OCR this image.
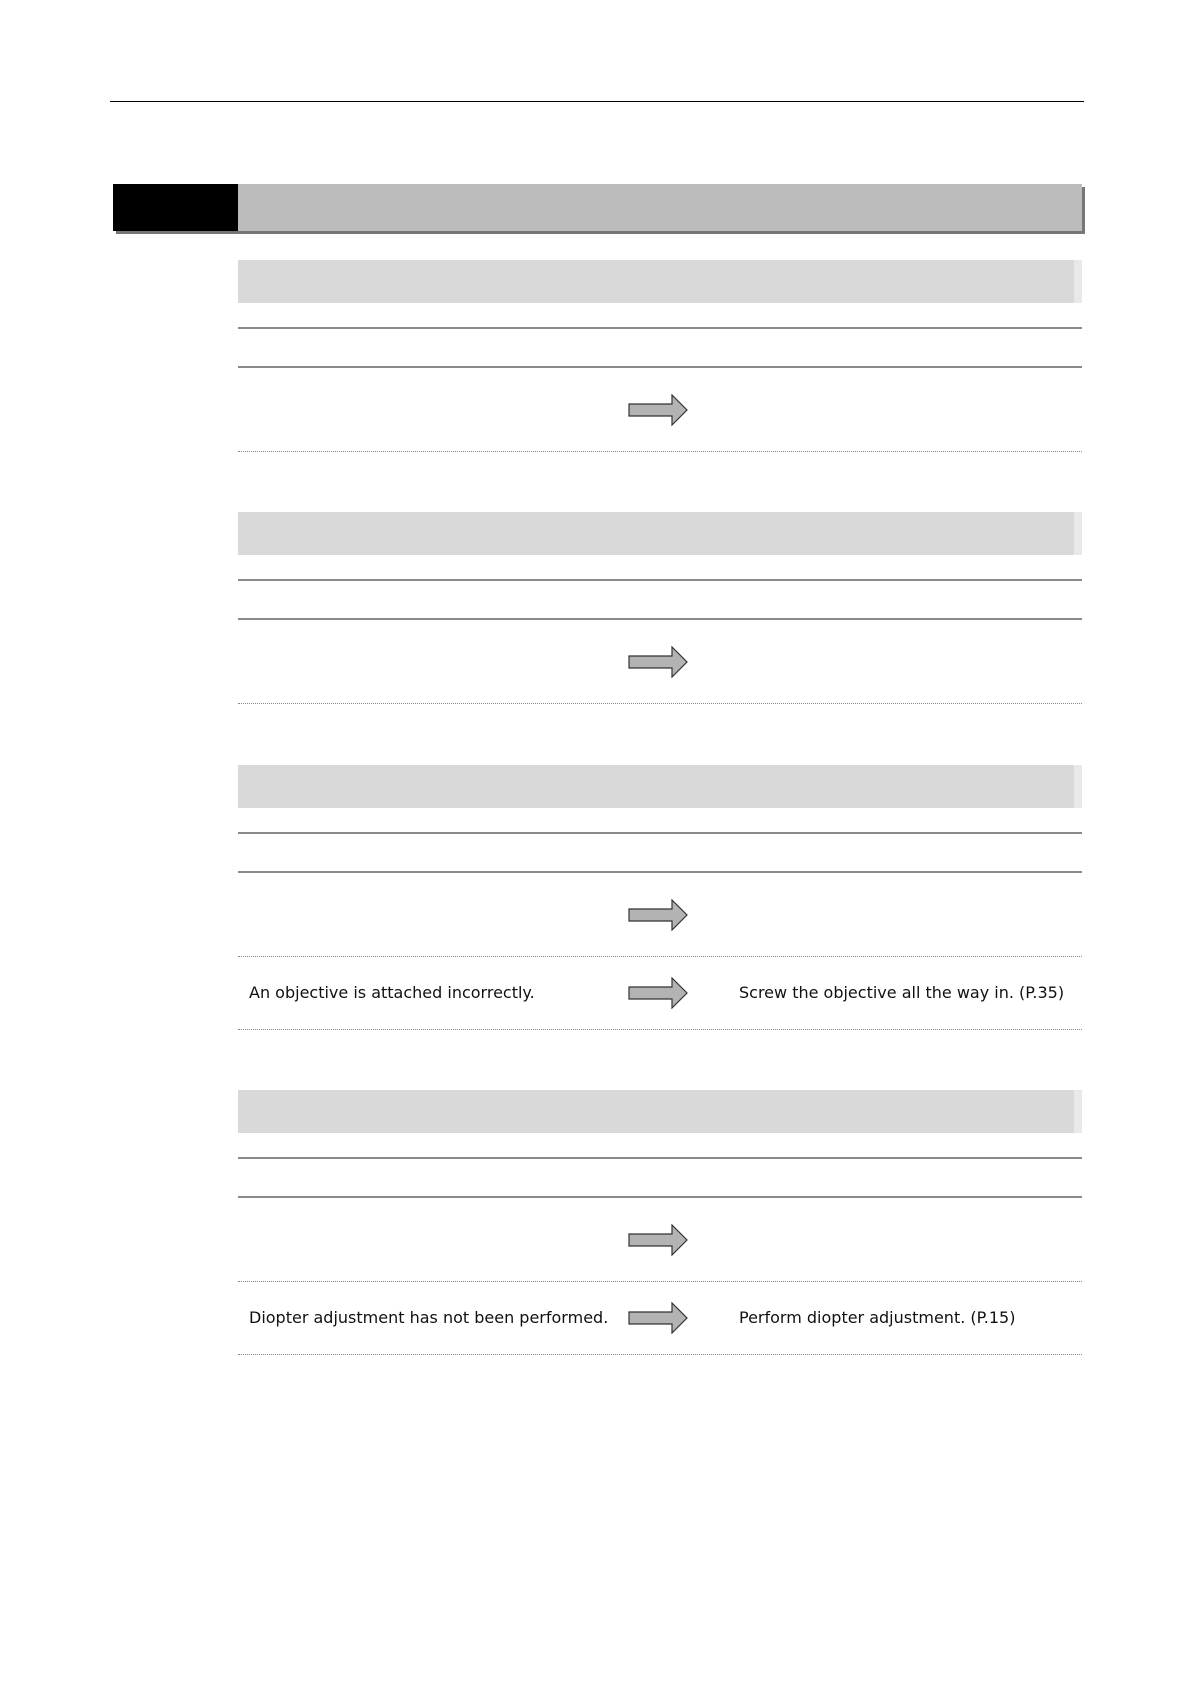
An objective is attached incorrectly.	Screw the objective all the way in. (P.35)
Diopter adjustment has not been performed.	Perform diopter adjustment. (P.15)
